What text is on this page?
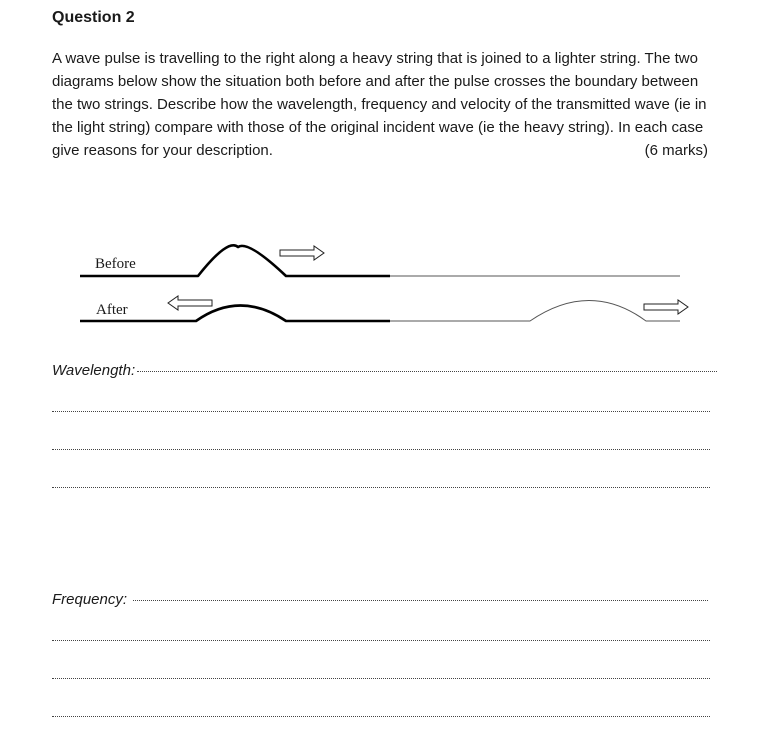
Question 2

A wave pulse is travelling to the right along a heavy string that is joined to a lighter string. The two diagrams below show the situation both before and after the pulse crosses the boundary between the two strings. Describe how the wavelength, frequency and velocity of the transmitted wave (ie in the light string) compare with those of the original incident wave (ie the heavy string). In each case give reasons for your description.	(6 marks)

Before
After
Wavelength:
Frequency:
